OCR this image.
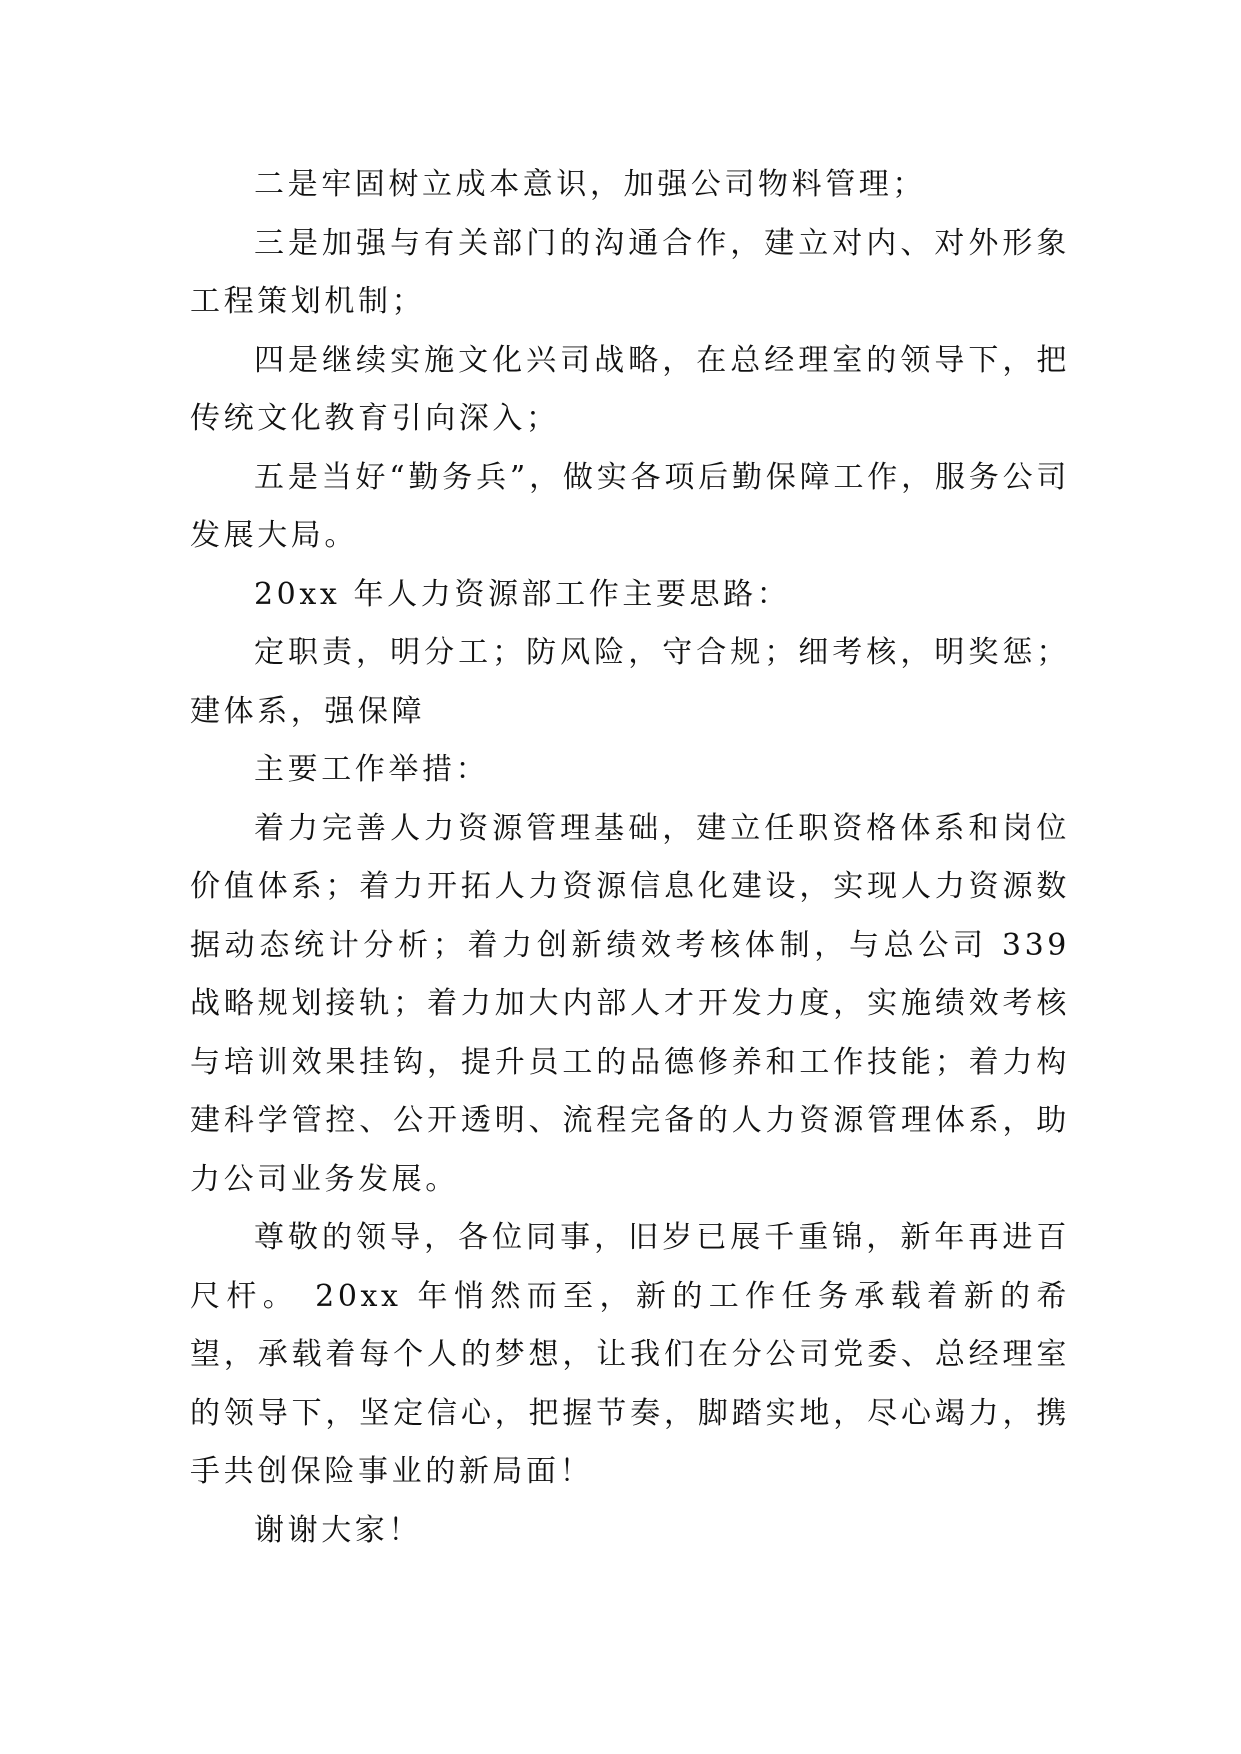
二是牢固树立成本意识，加强公司物料管理；

三是加强与有关部门的沟通合作，建立对内、对外形象工程策划机制；

四是继续实施文化兴司战略，在总经理室的领导下，把传统文化教育引向深入；

五是当好“勤务兵”，做实各项后勤保障工作，服务公司发展大局。

20xx 年人力资源部工作主要思路：

定职责，明分工；防风险，守合规；细考核，明奖惩；建体系，强保障

主要工作举措：

着力完善人力资源管理基础，建立任职资格体系和岗位价值体系；着力开拓人力资源信息化建设，实现人力资源数据动态统计分析；着力创新绩效考核体制，与总公司 339 战略规划接轨；着力加大内部人才开发力度，实施绩效考核与培训效果挂钩，提升员工的品德修养和工作技能；着力构建科学管控、公开透明、流程完备的人力资源管理体系，助力公司业务发展。

尊敬的领导，各位同事，旧岁已展千重锦，新年再进百尺杆。 20xx 年悄然而至，新的工作任务承载着新的希望，承载着每个人的梦想，让我们在分公司党委、总经理室的领导下，坚定信心，把握节奏，脚踏实地，尽心竭力，携手共创保险事业的新局面！

谢谢大家！
